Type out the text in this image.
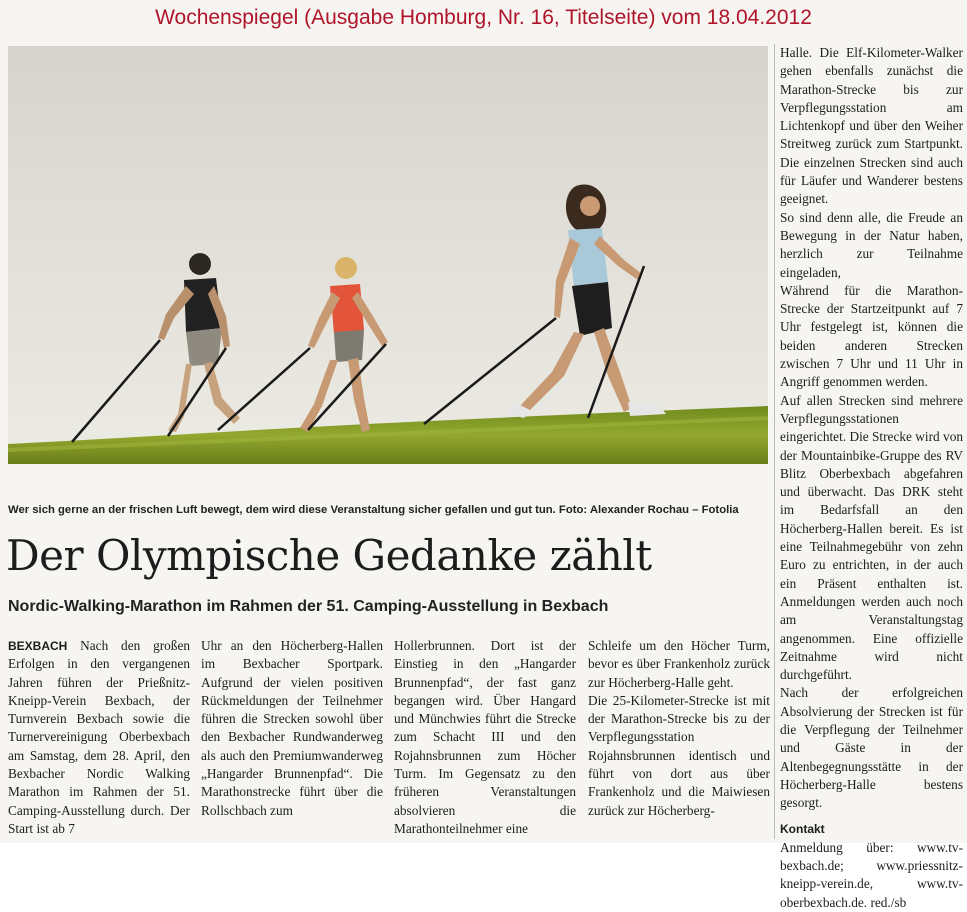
Wochenspiegel (Ausgabe Homburg, Nr. 16, Titelseite) vom 18.04.2012
Wer sich gerne an der frischen Luft bewegt, dem wird diese Veranstaltung sicher gefallen und gut tun. Foto: Alexander Rochau – Fotolia
Der Olympische Gedanke zählt
Nordic-Walking-Marathon im Rahmen der 51. Camping-Ausstellung in Bexbach

BEXBACH Nach den großen Erfolgen in den vergangenen Jahren führen der Prießnitz-Kneipp-Verein Bexbach, der Turnverein Bexbach sowie die Turnervereinigung Oberbexbach am Samstag, dem 28. April, den Bexbacher Nordic Walking Marathon im Rahmen der 51. Camping-Ausstellung durch. Der Start ist ab 7

Uhr an den Höcherberg-Hallen im Bexbacher Sportpark. Aufgrund der vielen positiven Rückmeldungen der Teilnehmer führen die Strecken sowohl über den Bexbacher Rundwanderweg als auch den Premiumwanderweg „Hangarder Brunnenpfad“. Die Marathonstrecke führt über die Rollschbach zum

Hollerbrunnen. Dort ist der Einstieg in den „Hangarder Brunnenpfad“, der fast ganz begangen wird. Über Hangard und Münchwies führt die Strecke zum Schacht III und den Rojahnsbrunnen zum Höcher Turm. Im Gegensatz zu den früheren Veranstaltungen absolvieren die Marathonteilnehmer eine

Schleife um den Höcher Turm, bevor es über Frankenholz zurück zur Höcherberg-Halle geht.

Die 25-Kilometer-Strecke ist mit der Marathon-Strecke bis zu der Verpflegungsstation Rojahnsbrunnen identisch und führt von dort aus über Frankenholz und die Maiwiesen zurück zur Höcherberg-

Halle. Die Elf-Kilometer-Walker gehen ebenfalls zunächst die Marathon-Strecke bis zur Verpflegungsstation am Lichtenkopf und über den Weiher Streitweg zurück zum Startpunkt. Die einzelnen Strecken sind auch für Läufer und Wanderer bestens geeignet.

So sind denn alle, die Freude an Bewegung in der Natur haben, herzlich zur Teilnahme eingeladen,

Während für die Marathon-Strecke der Startzeitpunkt auf 7 Uhr festgelegt ist, können die beiden anderen Strecken zwischen 7 Uhr und 11 Uhr in Angriff genommen werden.

Auf allen Strecken sind mehrere Verpflegungsstationen eingerichtet. Die Strecke wird von der Mountainbike-Gruppe des RV Blitz Oberbexbach abgefahren und überwacht. Das DRK steht im Bedarfsfall an den Höcherberg-Hallen bereit. Es ist eine Teilnahmegebühr von zehn Euro zu entrichten, in der auch ein Präsent enthalten ist. Anmeldungen werden auch noch am Veranstaltungstag angenommen. Eine offizielle Zeitnahme wird nicht durchgeführt.

Nach der erfolgreichen Absolvierung der Strecken ist für die Verpflegung der Teilnehmer und Gäste in der Altenbegegnungsstätte in der Höcherberg-Halle bestens gesorgt.

Kontakt

Anmeldung über: www.tv-bexbach.de; www.priessnitz-kneipp-verein.de, www.tv-oberbexbach.de. red./sb
